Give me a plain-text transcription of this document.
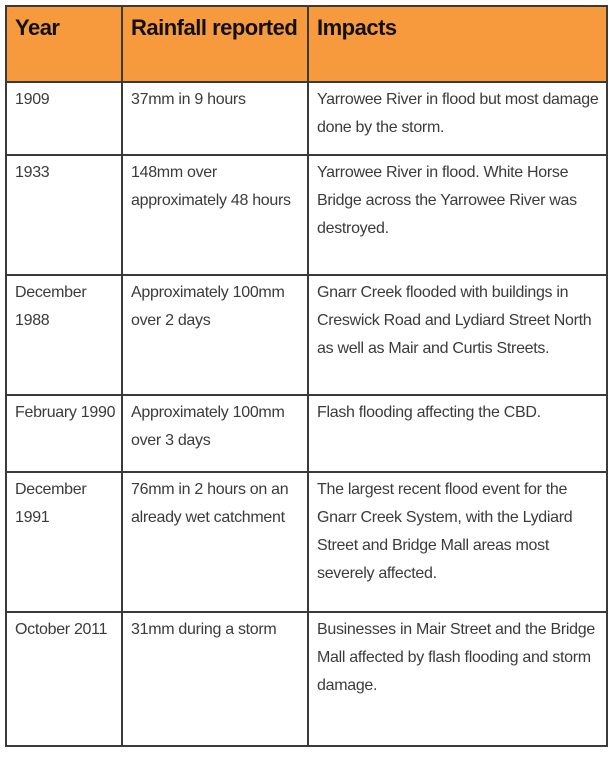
Year	Rainfall reported	Impacts
1909	37mm in 9 hours	Yarrowee River in flood but most damage done by the storm.
1933	148mm over approximately 48 hours	Yarrowee River in flood. White Horse Bridge across the Yarrowee River was destroyed.
December 1988	Approximately 100mm over 2 days	Gnarr Creek flooded with buildings in Creswick Road and Lydiard Street North as well as Mair and Curtis Streets.
February 1990	Approximately 100mm over 3 days	Flash flooding affecting the CBD.
December 1991	76mm in 2 hours on an already wet catchment	The largest recent flood event for the Gnarr Creek System, with the Lydiard Street and Bridge Mall areas most severely affected.
October 2011	31mm during a storm	Businesses in Mair Street and the Bridge Mall affected by flash flooding and storm damage.
